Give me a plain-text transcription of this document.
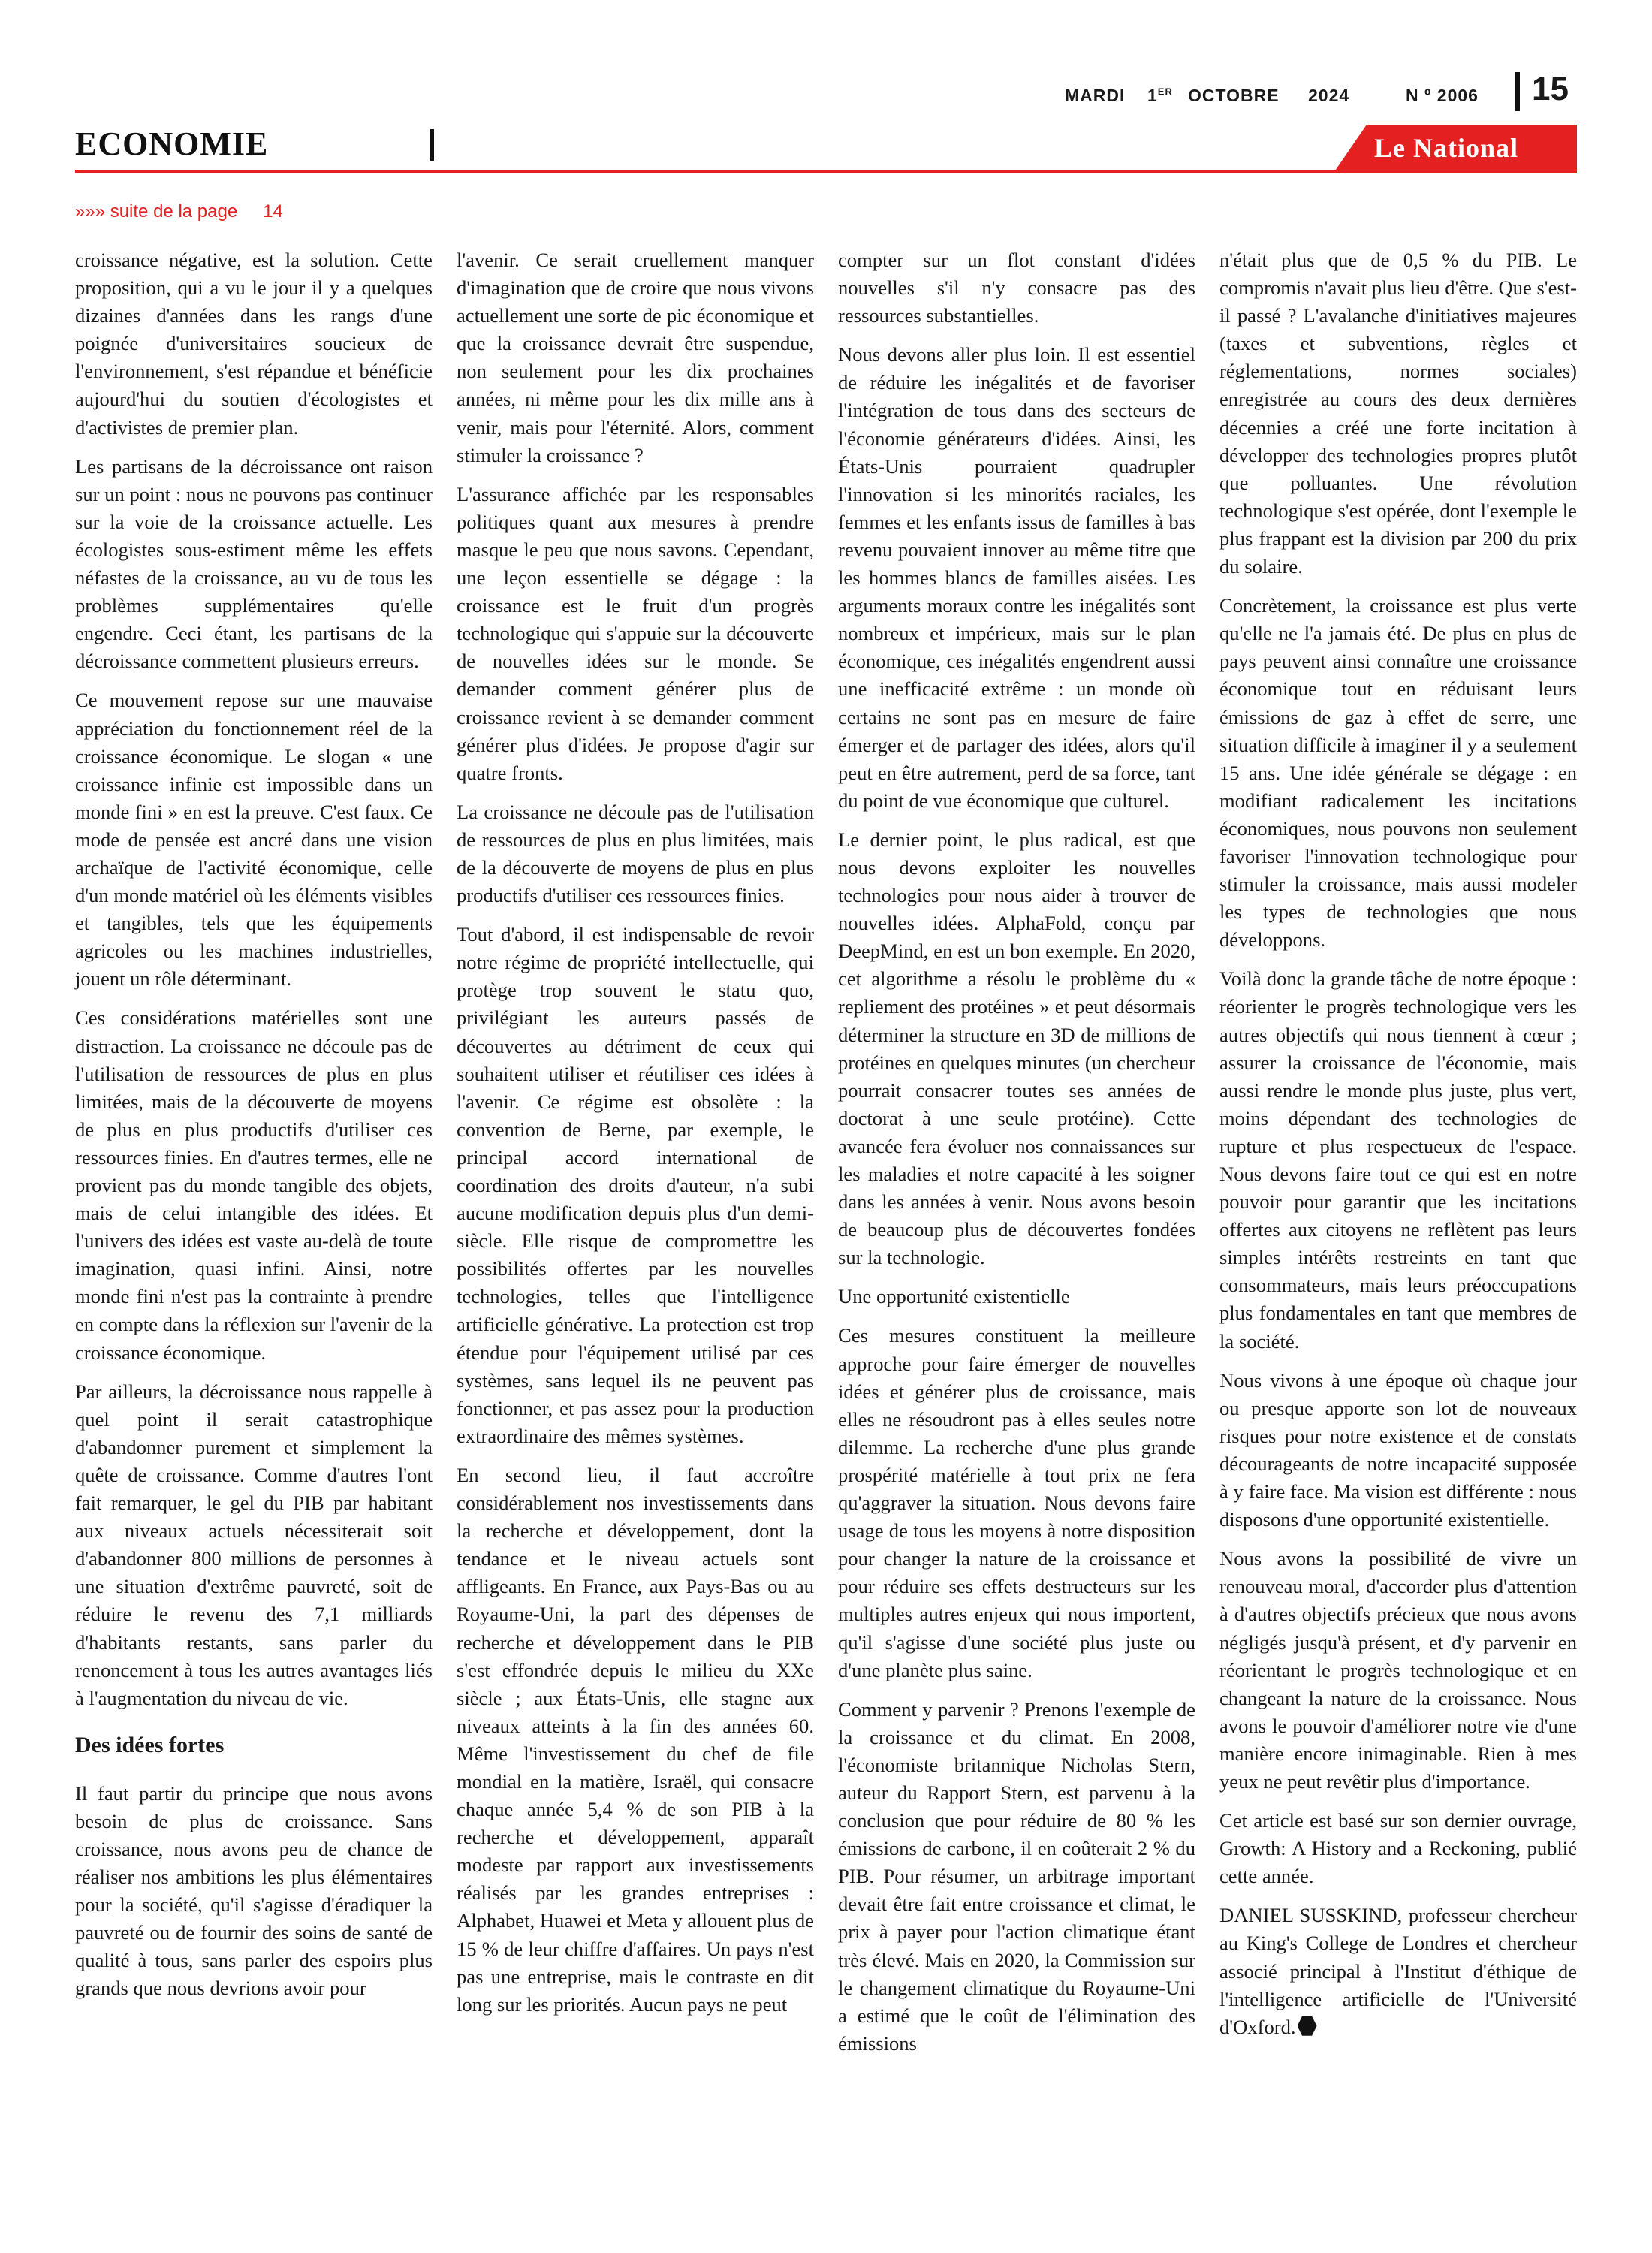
MARDI 1ER OCTOBRE 2024	N º 2006 15
ECONOMIE	Le National
»»» suite de la page 14

croissance négative, est la solution. Cette proposition, qui a vu le jour il y a quelques dizaines d'années dans les rangs d'une poignée d'universitaires soucieux de l'environnement, s'est répandue et bénéficie aujourd'hui du soutien d'écologistes et d'activistes de premier plan.

Les partisans de la décroissance ont raison sur un point : nous ne pouvons pas continuer sur la voie de la croissance actuelle. Les écologistes sous-estiment même les effets néfastes de la croissance, au vu de tous les problèmes supplémentaires qu'elle engendre. Ceci étant, les partisans de la décroissance commettent plusieurs erreurs.

Ce mouvement repose sur une mauvaise appréciation du fonctionnement réel de la croissance économique. Le slogan « une croissance infinie est impossible dans un monde fini » en est la preuve. C'est faux. Ce mode de pensée est ancré dans une vision archaïque de l'activité économique, celle d'un monde matériel où les éléments visibles et tangibles, tels que les équipements agricoles ou les machines industrielles, jouent un rôle déterminant.

Ces considérations matérielles sont une distraction. La croissance ne découle pas de l'utilisation de ressources de plus en plus limitées, mais de la découverte de moyens de plus en plus productifs d'utiliser ces ressources finies. En d'autres termes, elle ne provient pas du monde tangible des objets, mais de celui intangible des idées. Et l'univers des idées est vaste au-delà de toute imagination, quasi infini. Ainsi, notre monde fini n'est pas la contrainte à prendre en compte dans la réflexion sur l'avenir de la croissance économique.

Par ailleurs, la décroissance nous rappelle à quel point il serait catastrophique d'abandonner purement et simplement la quête de croissance. Comme d'autres l'ont fait remarquer, le gel du PIB par habitant aux niveaux actuels nécessiterait soit d'abandonner 800 millions de personnes à une situation d'extrême pauvreté, soit de réduire le revenu des 7,1 milliards d'habitants restants, sans parler du renoncement à tous les autres avantages liés à l'augmentation du niveau de vie.

Des idées fortes

Il faut partir du principe que nous avons besoin de plus de croissance. Sans croissance, nous avons peu de chance de réaliser nos ambitions les plus élémentaires pour la société, qu'il s'agisse d'éradiquer la pauvreté ou de fournir des soins de santé de qualité à tous, sans parler des espoirs plus grands que nous devrions avoir pour

l'avenir. Ce serait cruellement manquer d'imagination que de croire que nous vivons actuellement une sorte de pic économique et que la croissance devrait être suspendue, non seulement pour les dix prochaines années, ni même pour les dix mille ans à venir, mais pour l'éternité. Alors, comment stimuler la croissance ?

L'assurance affichée par les responsables politiques quant aux mesures à prendre masque le peu que nous savons. Cependant, une leçon essentielle se dégage : la croissance est le fruit d'un progrès technologique qui s'appuie sur la découverte de nouvelles idées sur le monde. Se demander comment générer plus de croissance revient à se demander comment générer plus d'idées. Je propose d'agir sur quatre fronts.

La croissance ne découle pas de l'utilisation de ressources de plus en plus limitées, mais de la découverte de moyens de plus en plus productifs d'utiliser ces ressources finies.

Tout d'abord, il est indispensable de revoir notre régime de propriété intellectuelle, qui protège trop souvent le statu quo, privilégiant les auteurs passés de découvertes au détriment de ceux qui souhaitent utiliser et réutiliser ces idées à l'avenir. Ce régime est obsolète : la convention de Berne, par exemple, le principal accord international de coordination des droits d'auteur, n'a subi aucune modification depuis plus d'un demi-siècle. Elle risque de compromettre les possibilités offertes par les nouvelles technologies, telles que l'intelligence artificielle générative. La protection est trop étendue pour l'équipement utilisé par ces systèmes, sans lequel ils ne peuvent pas fonctionner, et pas assez pour la production extraordinaire des mêmes systèmes.

En second lieu, il faut accroître considérablement nos investissements dans la recherche et développement, dont la tendance et le niveau actuels sont affligeants. En France, aux Pays-Bas ou au Royaume-Uni, la part des dépenses de recherche et développement dans le PIB s'est effondrée depuis le milieu du XXe siècle ; aux États-Unis, elle stagne aux niveaux atteints à la fin des années 60. Même l'investissement du chef de file mondial en la matière, Israël, qui consacre chaque année 5,4 % de son PIB à la recherche et développement, apparaît modeste par rapport aux investissements réalisés par les grandes entreprises : Alphabet, Huawei et Meta y allouent plus de 15 % de leur chiffre d'affaires. Un pays n'est pas une entreprise, mais le contraste en dit long sur les priorités. Aucun pays ne peut

compter sur un flot constant d'idées nouvelles s'il n'y consacre pas des ressources substantielles.

Nous devons aller plus loin. Il est essentiel de réduire les inégalités et de favoriser l'intégration de tous dans des secteurs de l'économie générateurs d'idées. Ainsi, les États-Unis pourraient quadrupler l'innovation si les minorités raciales, les femmes et les enfants issus de familles à bas revenu pouvaient innover au même titre que les hommes blancs de familles aisées. Les arguments moraux contre les inégalités sont nombreux et impérieux, mais sur le plan économique, ces inégalités engendrent aussi une inefficacité extrême : un monde où certains ne sont pas en mesure de faire émerger et de partager des idées, alors qu'il peut en être autrement, perd de sa force, tant du point de vue économique que culturel.

Le dernier point, le plus radical, est que nous devons exploiter les nouvelles technologies pour nous aider à trouver de nouvelles idées. AlphaFold, conçu par DeepMind, en est un bon exemple. En 2020, cet algorithme a résolu le problème du « repliement des protéines » et peut désormais déterminer la structure en 3D de millions de protéines en quelques minutes (un chercheur pourrait consacrer toutes ses années de doctorat à une seule protéine). Cette avancée fera évoluer nos connaissances sur les maladies et notre capacité à les soigner dans les années à venir. Nous avons besoin de beaucoup plus de découvertes fondées sur la technologie.

Une opportunité existentielle

Ces mesures constituent la meilleure approche pour faire émerger de nouvelles idées et générer plus de croissance, mais elles ne résoudront pas à elles seules notre dilemme. La recherche d'une plus grande prospérité matérielle à tout prix ne fera qu'aggraver la situation. Nous devons faire usage de tous les moyens à notre disposition pour changer la nature de la croissance et pour réduire ses effets destructeurs sur les multiples autres enjeux qui nous importent, qu'il s'agisse d'une société plus juste ou d'une planète plus saine.

Comment y parvenir ? Prenons l'exemple de la croissance et du climat. En 2008, l'économiste britannique Nicholas Stern, auteur du Rapport Stern, est parvenu à la conclusion que pour réduire de 80 % les émissions de carbone, il en coûterait 2 % du PIB. Pour résumer, un arbitrage important devait être fait entre croissance et climat, le prix à payer pour l'action climatique étant très élevé. Mais en 2020, la Commission sur le changement climatique du Royaume-Uni a estimé que le coût de l'élimination des émissions

n'était plus que de 0,5 % du PIB. Le compromis n'avait plus lieu d'être. Que s'est-il passé ? L'avalanche d'initiatives majeures (taxes et subventions, règles et réglementations, normes sociales) enregistrée au cours des deux dernières décennies a créé une forte incitation à développer des technologies propres plutôt que polluantes. Une révolution technologique s'est opérée, dont l'exemple le plus frappant est la division par 200 du prix du solaire.

Concrètement, la croissance est plus verte qu'elle ne l'a jamais été. De plus en plus de pays peuvent ainsi connaître une croissance économique tout en réduisant leurs émissions de gaz à effet de serre, une situation difficile à imaginer il y a seulement 15 ans. Une idée générale se dégage : en modifiant radicalement les incitations économiques, nous pouvons non seulement favoriser l'innovation technologique pour stimuler la croissance, mais aussi modeler les types de technologies que nous développons.

Voilà donc la grande tâche de notre époque : réorienter le progrès technologique vers les autres objectifs qui nous tiennent à cœur ; assurer la croissance de l'économie, mais aussi rendre le monde plus juste, plus vert, moins dépendant des technologies de rupture et plus respectueux de l'espace. Nous devons faire tout ce qui est en notre pouvoir pour garantir que les incitations offertes aux citoyens ne reflètent pas leurs simples intérêts restreints en tant que consommateurs, mais leurs préoccupations plus fondamentales en tant que membres de la société.

Nous vivons à une époque où chaque jour ou presque apporte son lot de nouveaux risques pour notre existence et de constats décourageants de notre incapacité supposée à y faire face. Ma vision est différente : nous disposons d'une opportunité existentielle.

Nous avons la possibilité de vivre un renouveau moral, d'accorder plus d'attention à d'autres objectifs précieux que nous avons négligés jusqu'à présent, et d'y parvenir en réorientant le progrès technologique et en changeant la nature de la croissance. Nous avons le pouvoir d'améliorer notre vie d'une manière encore inimaginable. Rien à mes yeux ne peut revêtir plus d'importance.

Cet article est basé sur son dernier ouvrage, Growth: A History and a Reckoning, publié cette année.

DANIEL SUSSKIND, professeur chercheur au King's College de Londres et chercheur associé principal à l'Institut d'éthique de l'intelligence artificielle de l'Université d'Oxford.
